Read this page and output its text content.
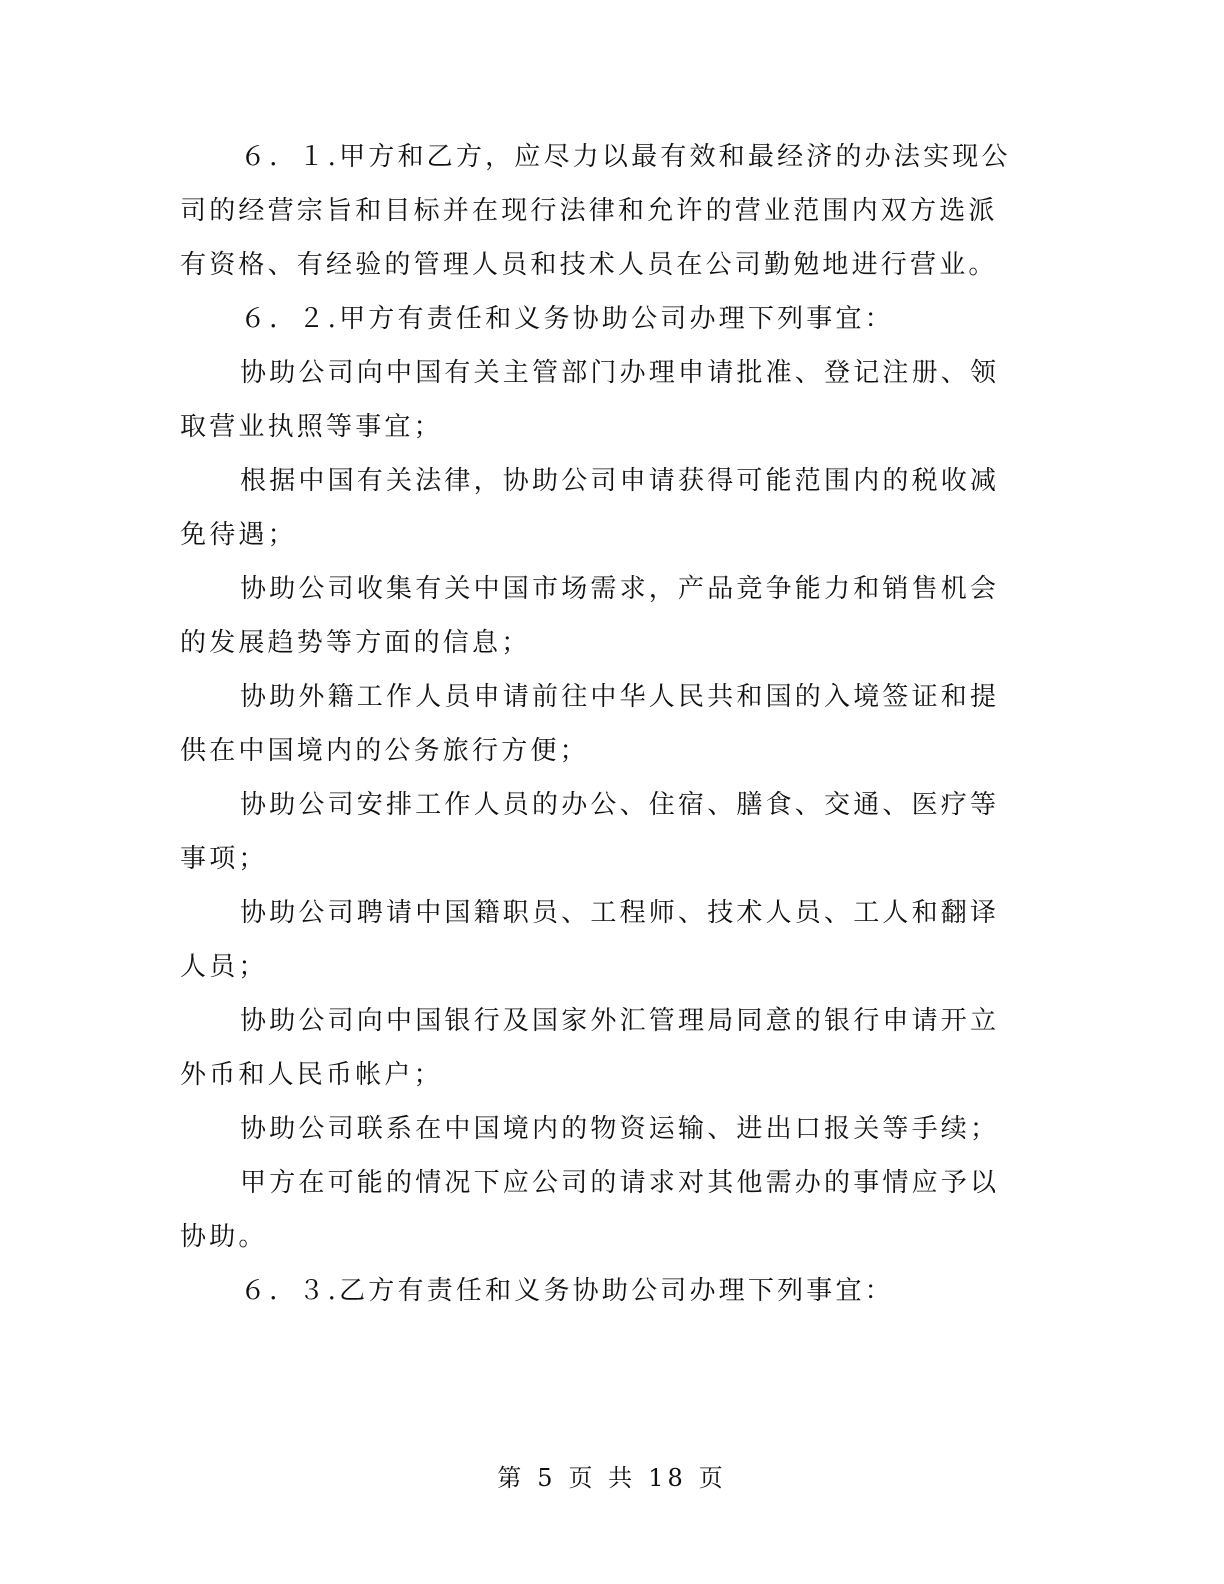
６．１.甲方和乙方，应尽力以最有效和最经济的办法实现公司的经营宗旨和目标并在现行法律和允许的营业范围内双方选派有资格、有经验的管理人员和技术人员在公司勤勉地进行营业。

６．２.甲方有责任和义务协助公司办理下列事宜：

协助公司向中国有关主管部门办理申请批准、登记注册、领取营业执照等事宜；

根据中国有关法律，协助公司申请获得可能范围内的税收减免待遇；

协助公司收集有关中国市场需求，产品竞争能力和销售机会的发展趋势等方面的信息；

协助外籍工作人员申请前往中华人民共和国的入境签证和提供在中国境内的公务旅行方便；

协助公司安排工作人员的办公、住宿、膳食、交通、医疗等事项；

协助公司聘请中国籍职员、工程师、技术人员、工人和翻译人员；

协助公司向中国银行及国家外汇管理局同意的银行申请开立外币和人民币帐户；

协助公司联系在中国境内的物资运输、进出口报关等手续；

甲方在可能的情况下应公司的请求对其他需办的事情应予以协助。

６．３.乙方有责任和义务协助公司办理下列事宜：

第 5 页 共 18 页
